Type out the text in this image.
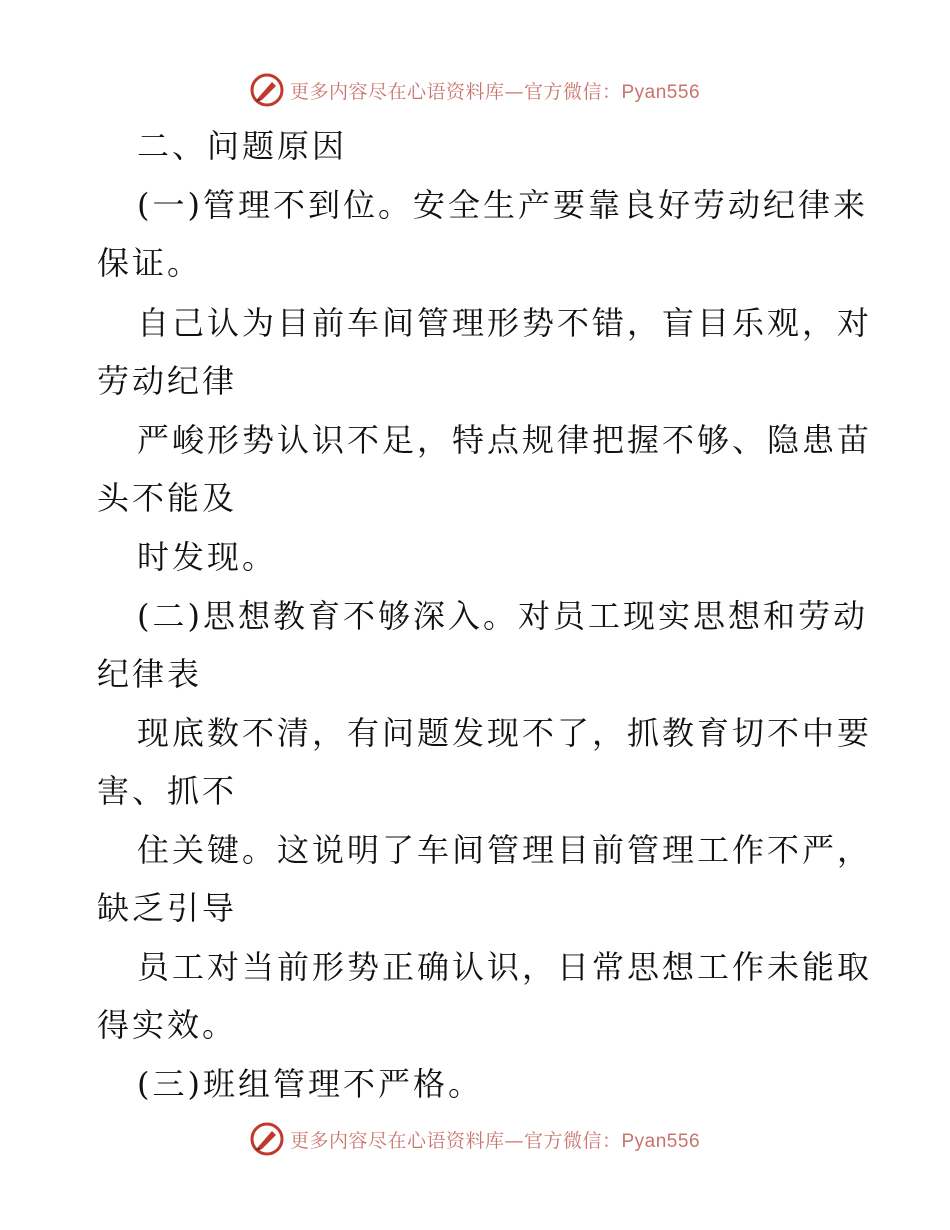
更多内容尽在心语资料库—官方微信：Pyan556
二、问题原因
(一)管理不到位。安全生产要靠良好劳动纪律来
保证。
自己认为目前车间管理形势不错，盲目乐观，对
劳动纪律
严峻形势认识不足，特点规律把握不够、隐患苗
头不能及
时发现。
(二)思想教育不够深入。对员工现实思想和劳动
纪律表
现底数不清，有问题发现不了，抓教育切不中要
害、抓不
住关键。这说明了车间管理目前管理工作不严，
缺乏引导
员工对当前形势正确认识，日常思想工作未能取
得实效。
(三)班组管理不严格。
更多内容尽在心语资料库—官方微信：Pyan556
